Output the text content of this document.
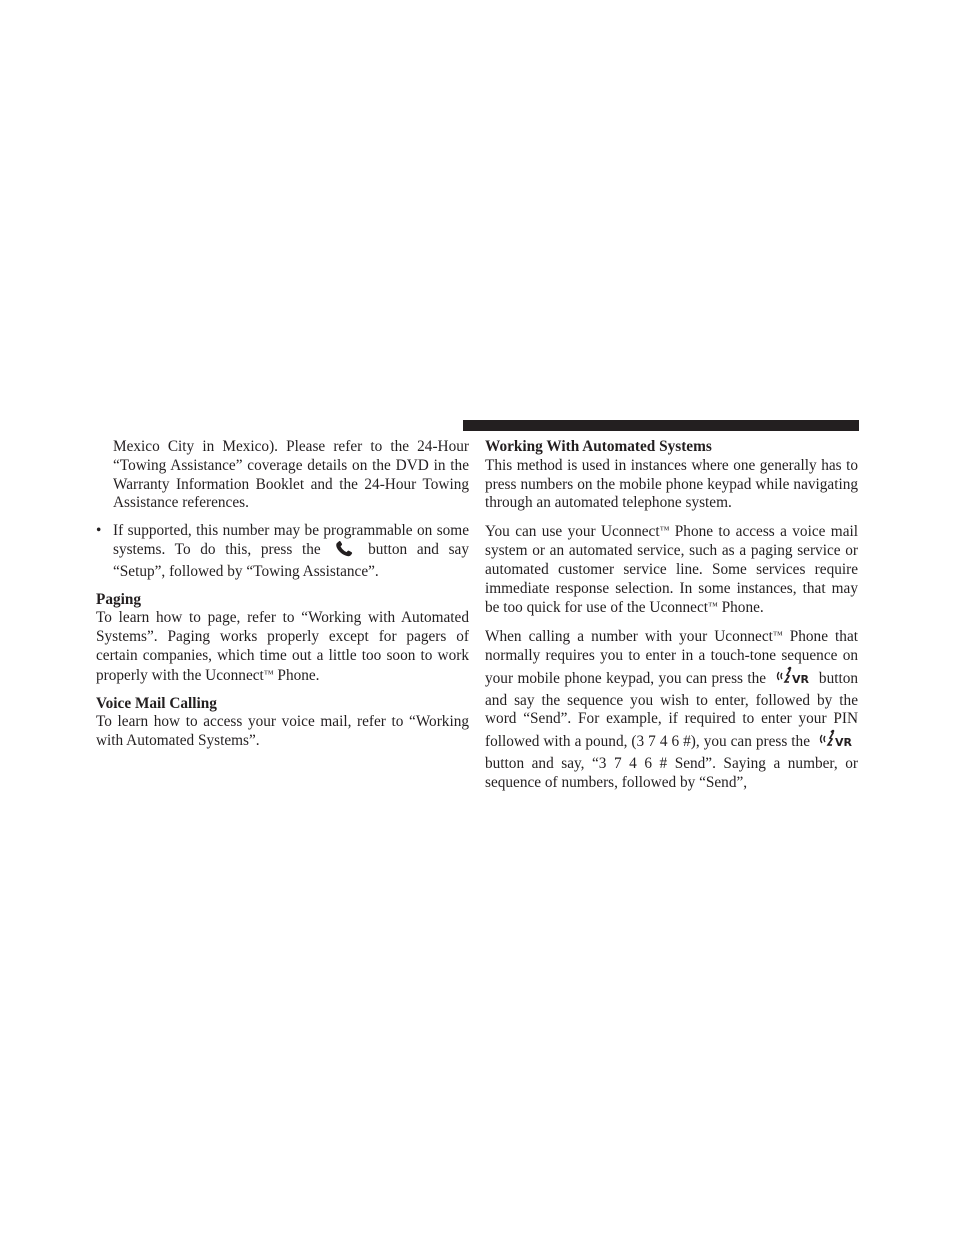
Mexico City in Mexico). Please refer to the 24-Hour “Towing Assistance” coverage details on the DVD in the Warranty Information Booklet and the 24-Hour Towing Assistance references.

• If supported, this number may be programmable on some systems. To do this, press the	button and say “Setup”, followed by “Towing Assistance”.

Paging

To learn how to page, refer to “Working with Automated Systems”. Paging works properly except for pagers of certain companies, which time out a little too soon to work properly with the Uconnect™ Phone.

Voice Mail Calling

To learn how to access your voice mail, refer to “Working with Automated Systems”.

Working With Automated Systems

This method is used in instances where one generally has to press numbers on the mobile phone keypad while navigating through an automated telephone system.

You can use your Uconnect™ Phone to access a voice mail system or an automated service, such as a paging service or automated customer service line. Some services require immediate response selection. In some instances, that may be too quick for use of the Uconnect™ Phone.

When calling a number with your Uconnect™ Phone that normally requires you to enter in a touch-tone sequence on your mobile phone keypad, you can press the VR button and say the sequence you wish to enter, followed by the word “Send”. For example, if required to enter your PIN followed with a pound, (3 7 4 6 #), you can press the VR
button and say, “3 7 4 6 # Send”. Saying a number, or sequence of numbers, followed by “Send”,
